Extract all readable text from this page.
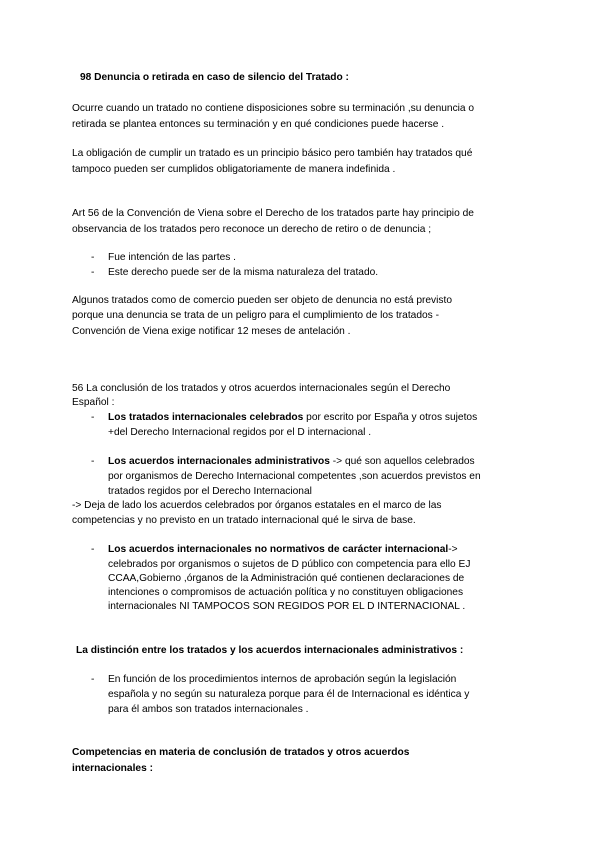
98 Denuncia o retirada en caso de silencio del Tratado :
Ocurre cuando un tratado no contiene disposiciones sobre su terminación ,su denuncia o
retirada se plantea entonces su terminación y en qué condiciones puede hacerse .
La obligación de cumplir un tratado es un principio básico pero también hay tratados qué
tampoco pueden ser cumplidos obligatoriamente de manera indefinida .
Art 56 de la Convención de Viena sobre el Derecho de los tratados parte hay principio de
observancia de los tratados pero reconoce un derecho de retiro o de denuncia ;
- Fue intención de las partes .
- Este derecho puede ser de la misma naturaleza del tratado.
Algunos tratados como de comercio pueden ser objeto de denuncia no está previsto
porque una denuncia se trata de un peligro para el cumplimiento de los tratados -
Convención de Viena exige notificar 12 meses de antelación .
56 La conclusión de los tratados y otros acuerdos internacionales según el Derecho
Español :
- Los tratados internacionales celebrados por escrito por España y otros sujetos
+del Derecho Internacional regidos por el D internacional .
- Los acuerdos internacionales administrativos -> qué son aquellos celebrados
por organismos de Derecho Internacional competentes ,son acuerdos previstos en
tratados regidos por el Derecho Internacional
-> Deja de lado los acuerdos celebrados por órganos estatales en el marco de las
competencias y no previsto en un tratado internacional qué le sirva de base.
- Los acuerdos internacionales no normativos de carácter internacional->
celebrados por organismos o sujetos de D público con competencia para ello EJ
CCAA,Gobierno ,órganos de la Administración qué contienen declaraciones de
intenciones o compromisos de actuación política y no constituyen obligaciones
internacionales NI TAMPOCOS SON REGIDOS POR EL D INTERNACIONAL .
La distinción entre los tratados y los acuerdos internacionales administrativos :
- En función de los procedimientos internos de aprobación según la legislación
española y no según su naturaleza porque para él de Internacional es idéntica y
para él ambos son tratados internacionales .
Competencias en materia de conclusión de tratados y otros acuerdos
internacionales :
